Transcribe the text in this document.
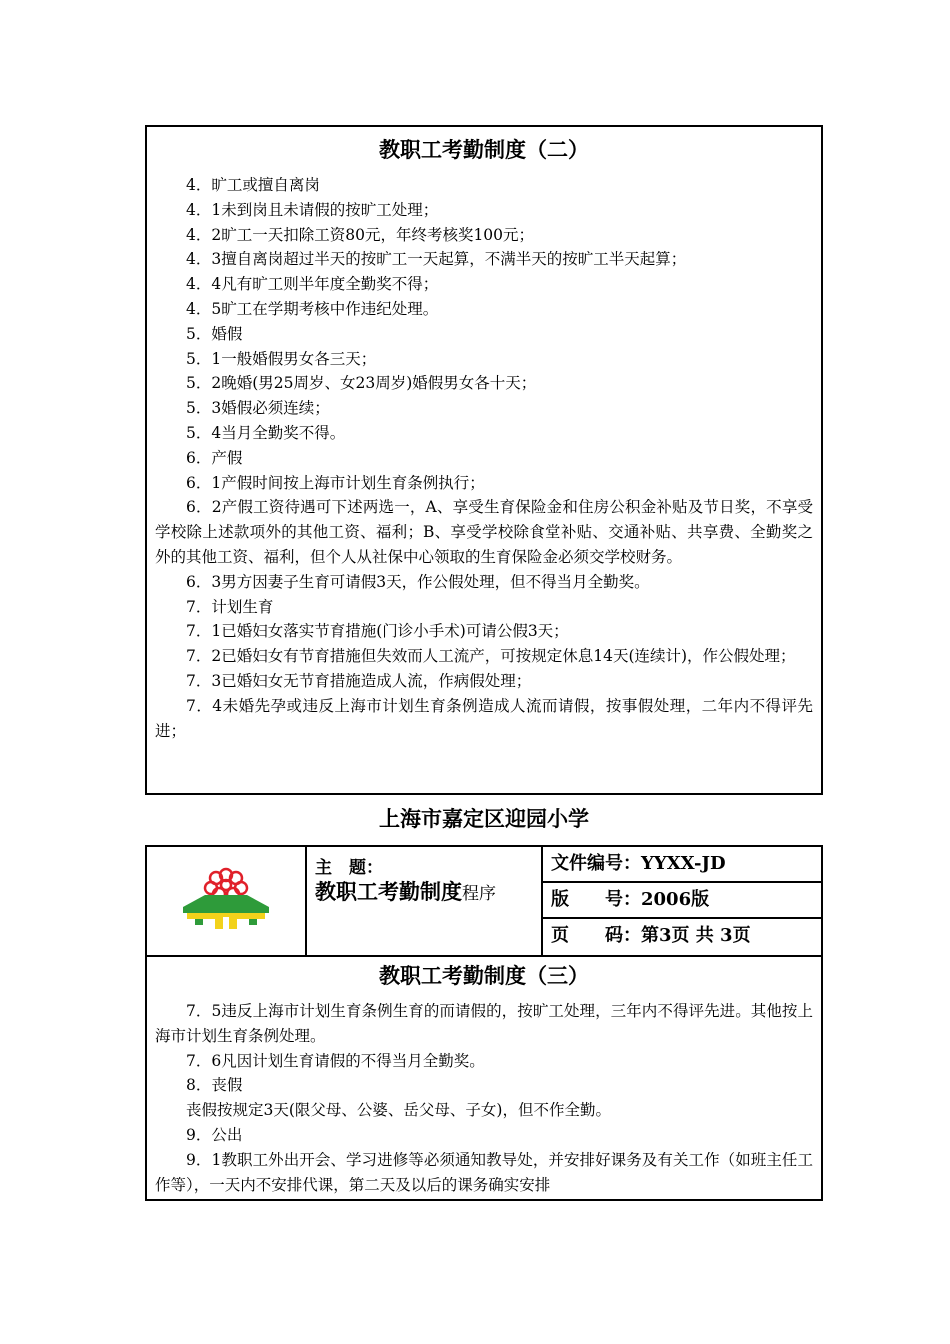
教职工考勤制度（二）

4．旷工或擅自离岗

4．1未到岗且未请假的按旷工处理；

4．2旷工一天扣除工资80元，年终考核奖100元；

4．3擅自离岗超过半天的按旷工一天起算，不满半天的按旷工半天起算；

4．4凡有旷工则半年度全勤奖不得；

4．5旷工在学期考核中作违纪处理。

5．婚假

5．1一般婚假男女各三天；

5．2晚婚(男25周岁、女23周岁)婚假男女各十天；

5．3婚假必须连续；

5．4当月全勤奖不得。

6．产假

6．1产假时间按上海市计划生育条例执行；

6．2产假工资待遇可下述两选一，A、享受生育保险金和住房公积金补贴及节日奖，不享受学校除上述款项外的其他工资、福利；B、享受学校除食堂补贴、交通补贴、共享费、全勤奖之外的其他工资、福利，但个人从社保中心领取的生育保险金必须交学校财务。

6．3男方因妻子生育可请假3天，作公假处理，但不得当月全勤奖。

7．计划生育

7．1已婚妇女落实节育措施(门诊小手术)可请公假3天；

7．2已婚妇女有节育措施但失效而人工流产，可按规定休息14天(连续计)，作公假处理；

7．3已婚妇女无节育措施造成人流，作病假处理；

7．4未婚先孕或违反上海市计划生育条例造成人流而请假，按事假处理，二年内不得评先进；

上海市嘉定区迎园小学
主　题：
教职工考勤制度程序
文件编号：YYXX-JD
版　　号：2006版
页　　码：第3页 共 3页
教职工考勤制度（三）

7．5违反上海市计划生育条例生育的而请假的，按旷工处理，三年内不得评先进。其他按上海市计划生育条例处理。

7．6凡因计划生育请假的不得当月全勤奖。

8．丧假

丧假按规定3天(限父母、公婆、岳父母、子女)，但不作全勤。

9．公出

9．1教职工外出开会、学习进修等必须通知教导处，并安排好课务及有关工作（如班主任工作等），一天内不安排代课，第二天及以后的课务确实安排
